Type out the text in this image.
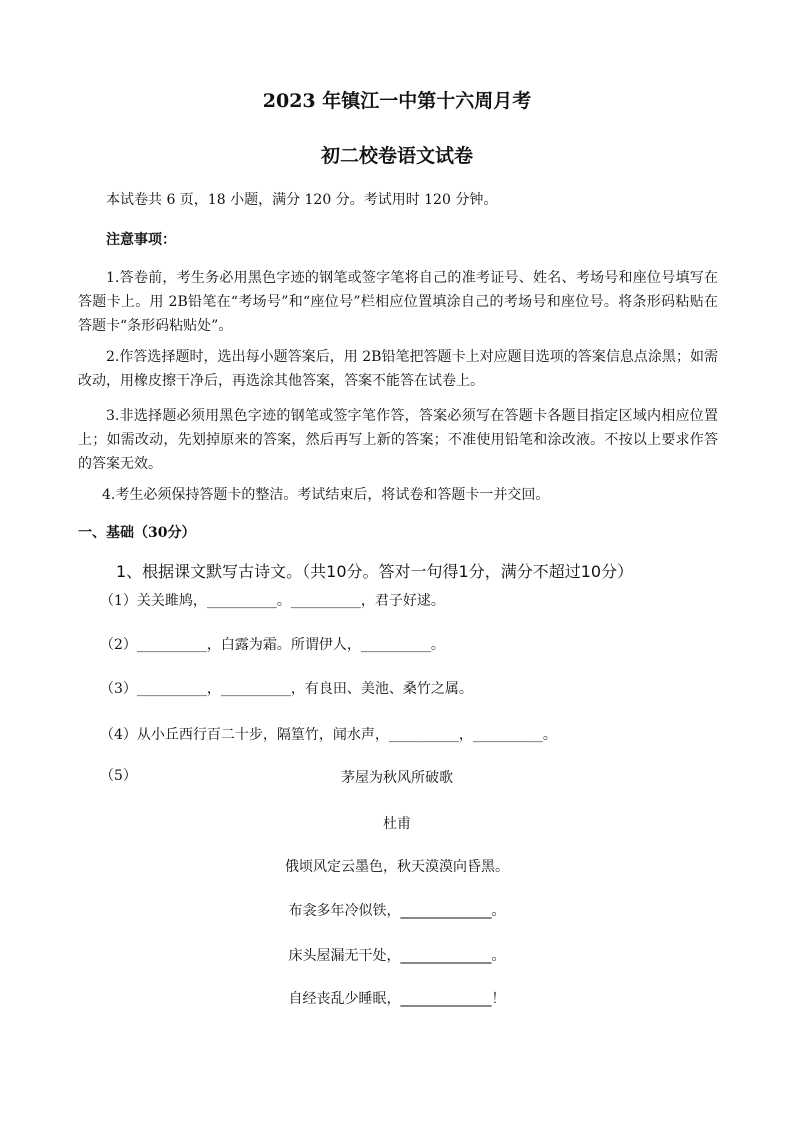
2023 年镇江一中第十六周月考
初二校卷语文试卷
本试卷共 6 页，18 小题，满分 120 分。考试用时 120 分钟。
注意事项：
1.答卷前，考生务必用黑色字迹的钢笔或签字笔将自己的准考证号、姓名、考场号和座位号填写在答题卡上。用 2B铅笔在“考场号”和“座位号”栏相应位置填涂自己的考场号和座位号。将条形码粘贴在答题卡“条形码粘贴处”。
2.作答选择题时，选出每小题答案后，用 2B铅笔把答题卡上对应题目选项的答案信息点涂黑；如需改动，用橡皮擦干净后，再选涂其他答案，答案不能答在试卷上。
3.非选择题必须用黑色字迹的钢笔或签字笔作答，答案必须写在答题卡各题目指定区域内相应位置上；如需改动，先划掉原来的答案，然后再写上新的答案；不准使用铅笔和涂改液。不按以上要求作答的答案无效。
4.考生必须保持答题卡的整洁。考试结束后，将试卷和答题卡一并交回。
一、基础（30分）
1、根据课文默写古诗文。（共10分。答对一句得1分，满分不超过10分）
（1）关关雎鸠，__________。__________，君子好逑。
（2）__________，白露为霜。所谓伊人，__________。
（3）__________，__________，有良田、美池、桑竹之属。
（4）从小丘西行百二十步，隔篁竹，闻水声，__________，__________。
（5）	茅屋为秋风所破歌
杜甫
俄顷风定云墨色，秋天漠漠向昏黑。
布衾多年冷似铁，_____________。
床头屋漏无干处，_____________。
自经丧乱少睡眠，_____________！
